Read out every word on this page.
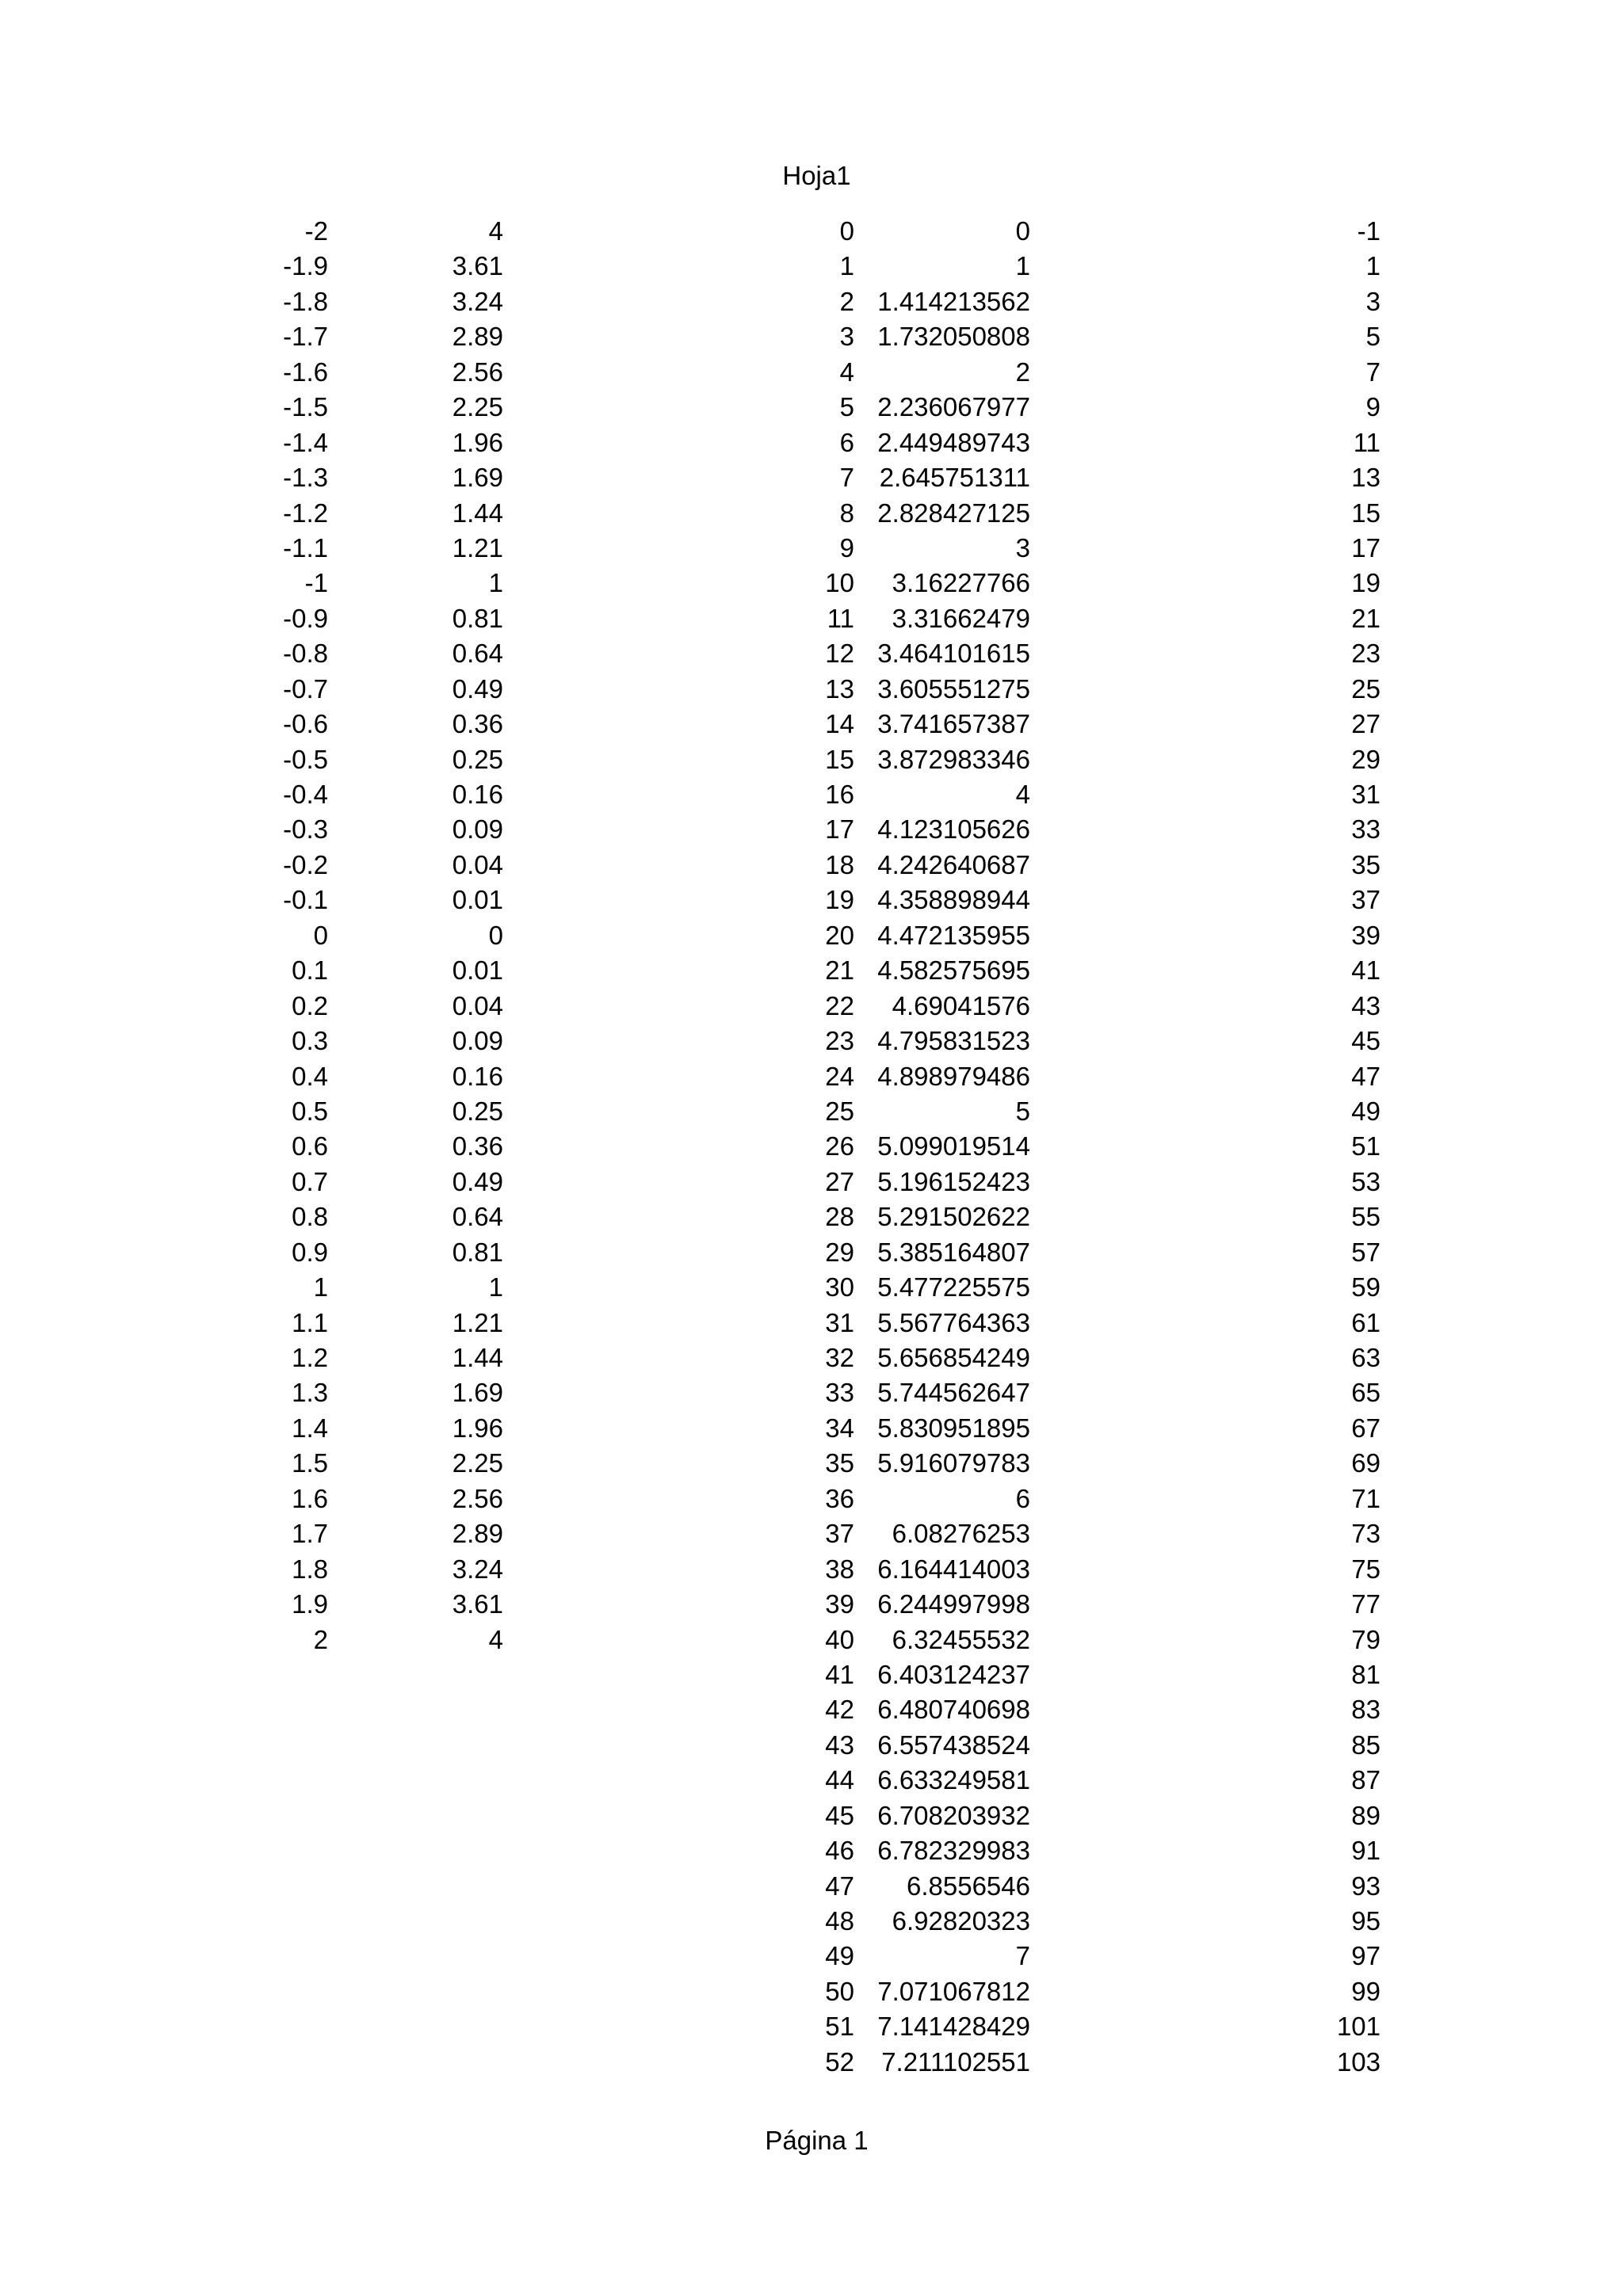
Hoja1
-2
-1.9
-1.8
-1.7
-1.6
-1.5
-1.4
-1.3
-1.2
-1.1
-1
-0.9
-0.8
-0.7
-0.6
-0.5
-0.4
-0.3
-0.2
-0.1
0
0.1
0.2
0.3
0.4
0.5
0.6
0.7
0.8
0.9
1
1.1
1.2
1.3
1.4
1.5
1.6
1.7
1.8
1.9
2
4
3.61
3.24
2.89
2.56
2.25
1.96
1.69
1.44
1.21
1
0.81
0.64
0.49
0.36
0.25
0.16
0.09
0.04
0.01
0
0.01
0.04
0.09
0.16
0.25
0.36
0.49
0.64
0.81
1
1.21
1.44
1.69
1.96
2.25
2.56
2.89
3.24
3.61
4
0
1
2
3
4
5
6
7
8
9
10
11
12
13
14
15
16
17
18
19
20
21
22
23
24
25
26
27
28
29
30
31
32
33
34
35
36
37
38
39
40
41
42
43
44
45
46
47
48
49
50
51
52
0
1
1.414213562
1.732050808
2
2.236067977
2.449489743
2.645751311
2.828427125
3
3.16227766
3.31662479
3.464101615
3.605551275
3.741657387
3.872983346
4
4.123105626
4.242640687
4.358898944
4.472135955
4.582575695
4.69041576
4.795831523
4.898979486
5
5.099019514
5.196152423
5.291502622
5.385164807
5.477225575
5.567764363
5.656854249
5.744562647
5.830951895
5.916079783
6
6.08276253
6.164414003
6.244997998
6.32455532
6.403124237
6.480740698
6.557438524
6.633249581
6.708203932
6.782329983
6.8556546
6.92820323
7
7.071067812
7.141428429
7.211102551
-1
1
3
5
7
9
11
13
15
17
19
21
23
25
27
29
31
33
35
37
39
41
43
45
47
49
51
53
55
57
59
61
63
65
67
69
71
73
75
77
79
81
83
85
87
89
91
93
95
97
99
101
103
Página 1
